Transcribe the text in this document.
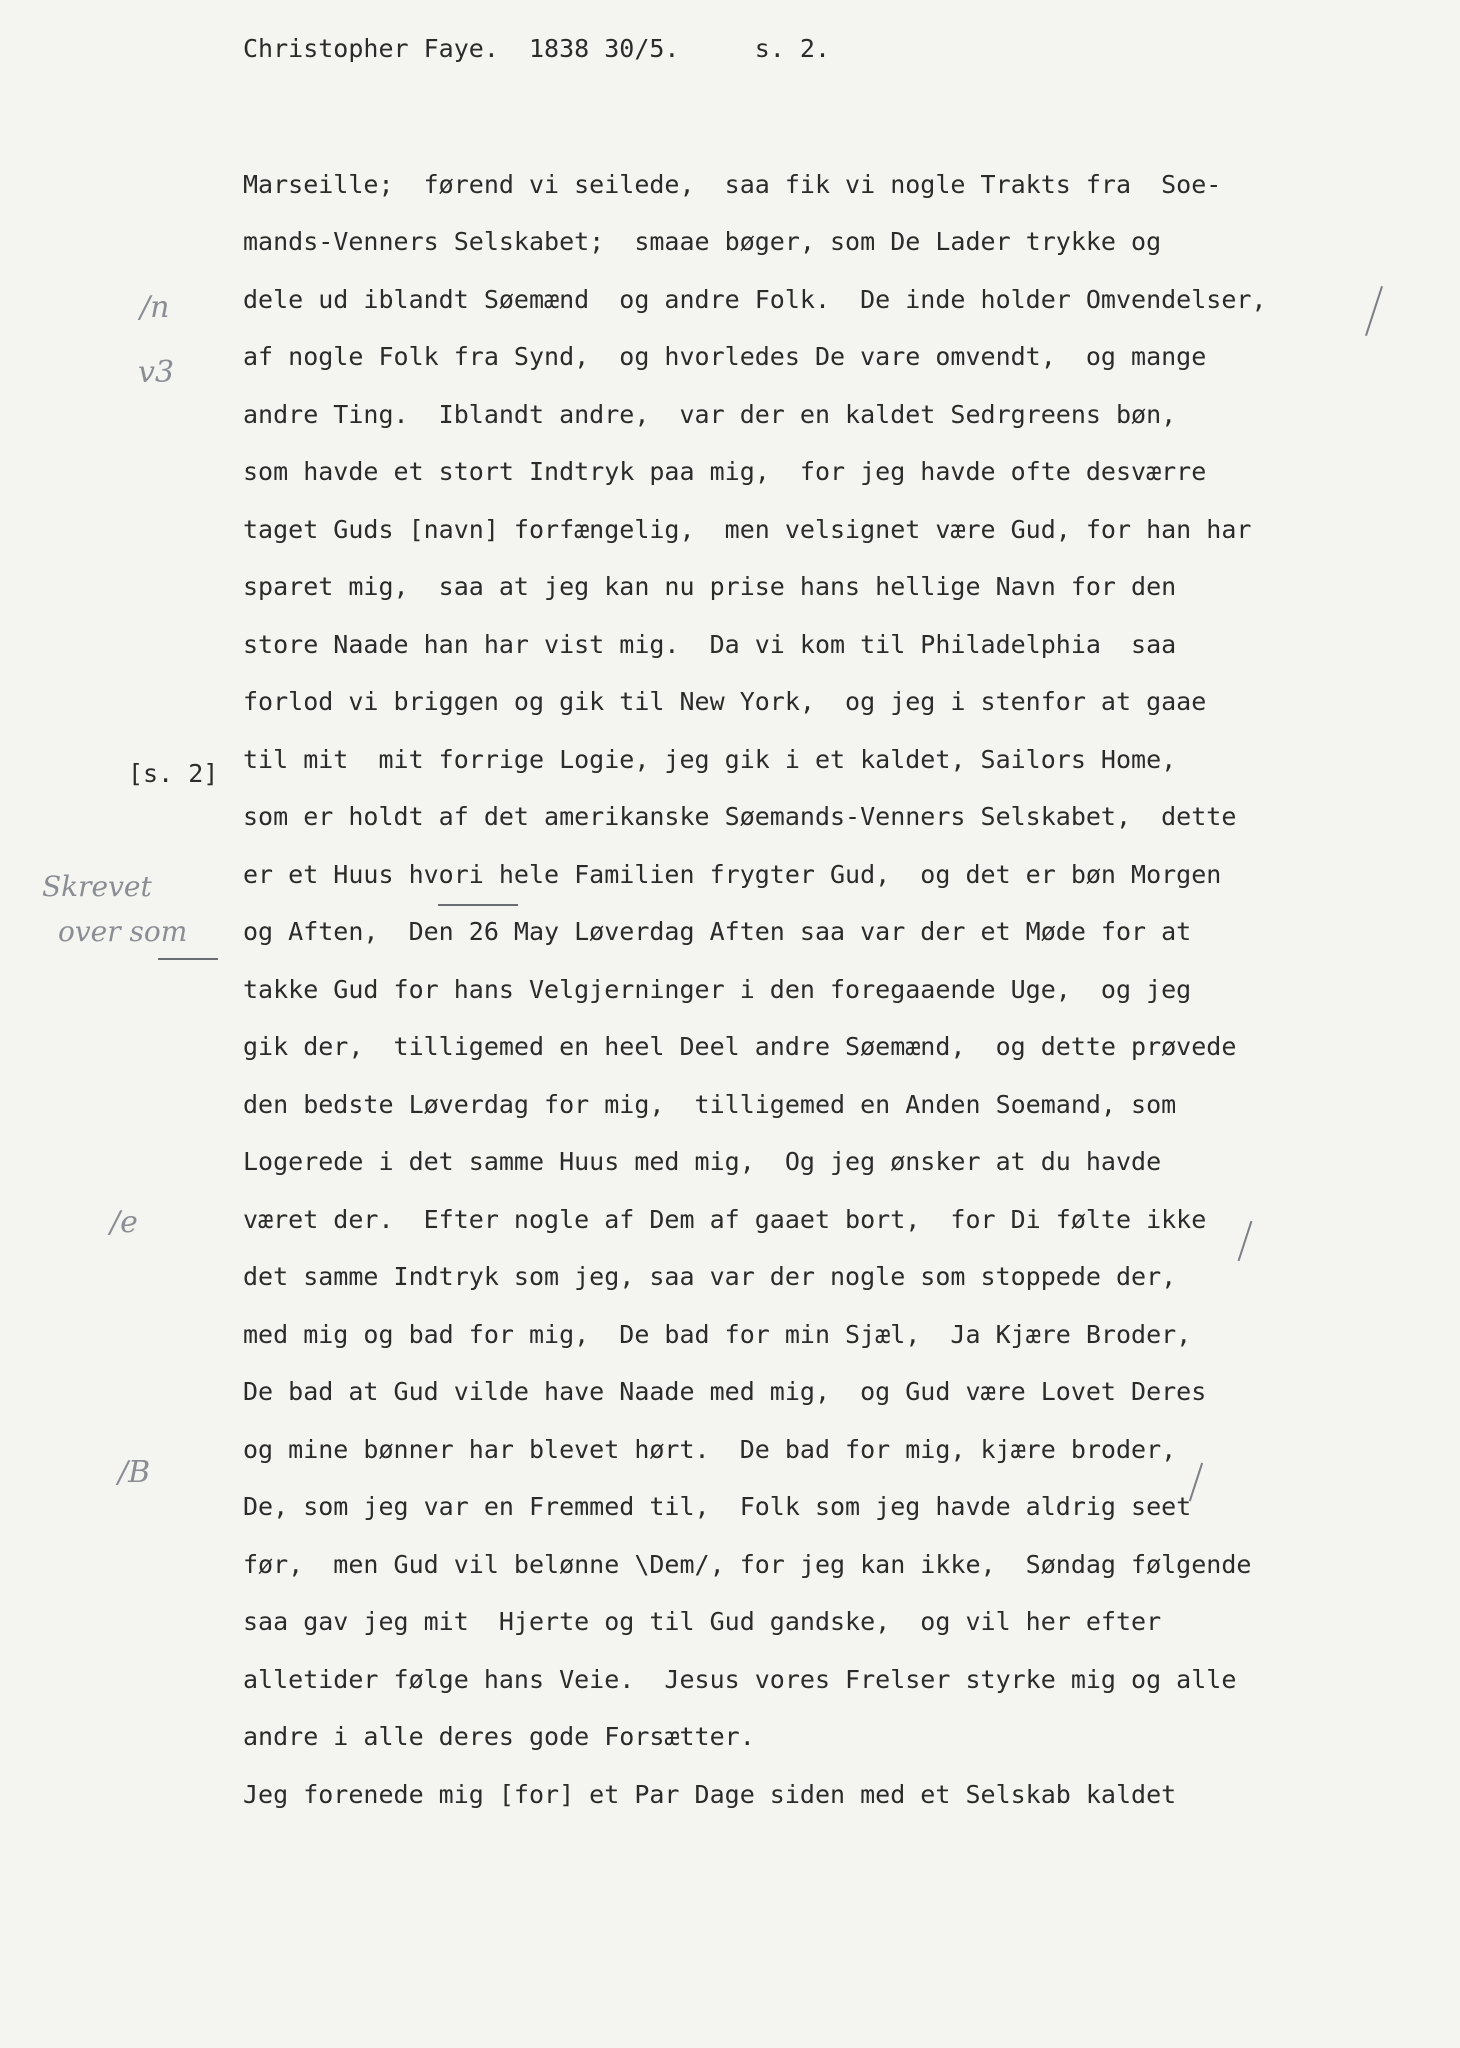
Christopher Faye.  1838 30/5.     s. 2.
Marseille;  førend vi seilede,  saa fik vi nogle Trakts fra  Soe-
mands-Venners Selskabet;  smaae bøger, som De Lader trykke og
dele ud iblandt Søemænd  og andre Folk.  De inde holder Omvendelser,
af nogle Folk fra Synd,  og hvorledes De vare omvendt,  og mange
andre Ting.  Iblandt andre,  var der en kaldet Sedrgreens bøn,
som havde et stort Indtryk paa mig,  for jeg havde ofte desværre
taget Guds [navn] forfængelig,  men velsignet være Gud, for han har
sparet mig,  saa at jeg kan nu prise hans hellige Navn for den
store Naade han har vist mig.  Da vi kom til Philadelphia  saa
forlod vi briggen og gik til New York,  og jeg i stenfor at gaae
til mit  mit forrige Logie, jeg gik i et kaldet, Sailors Home,
som er holdt af det amerikanske Søemands-Venners Selskabet,  dette
er et Huus hvori hele Familien frygter Gud,  og det er bøn Morgen
og Aften,  Den 26 May Løverdag Aften saa var der et Møde for at
takke Gud for hans Velgjerninger i den foregaaende Uge,  og jeg
gik der,  tilligemed en heel Deel andre Søemænd,  og dette prøvede
den bedste Løverdag for mig,  tilligemed en Anden Soemand, som
Logerede i det samme Huus med mig,  Og jeg ønsker at du havde
været der.  Efter nogle af Dem af gaaet bort,  for Di følte ikke
det samme Indtryk som jeg, saa var der nogle som stoppede der,
med mig og bad for mig,  De bad for min Sjæl,  Ja Kjære Broder,
De bad at Gud vilde have Naade med mig,  og Gud være Lovet Deres
og mine bønner har blevet hørt.  De bad for mig, kjære broder,
De, som jeg var en Fremmed til,  Folk som jeg havde aldrig seet
før,  men Gud vil belønne \Dem/, for jeg kan ikke,  Søndag følgende
saa gav jeg mit  Hjerte og til Gud gandske,  og vil her efter
alletider følge hans Veie.  Jesus vores Frelser styrke mig og alle
andre i alle deres gode Forsætter.
Jeg forenede mig [for] et Par Dage siden med et Selskab kaldet
[s. 2]
/n
v3
Skrevet
over som
/e
/B
